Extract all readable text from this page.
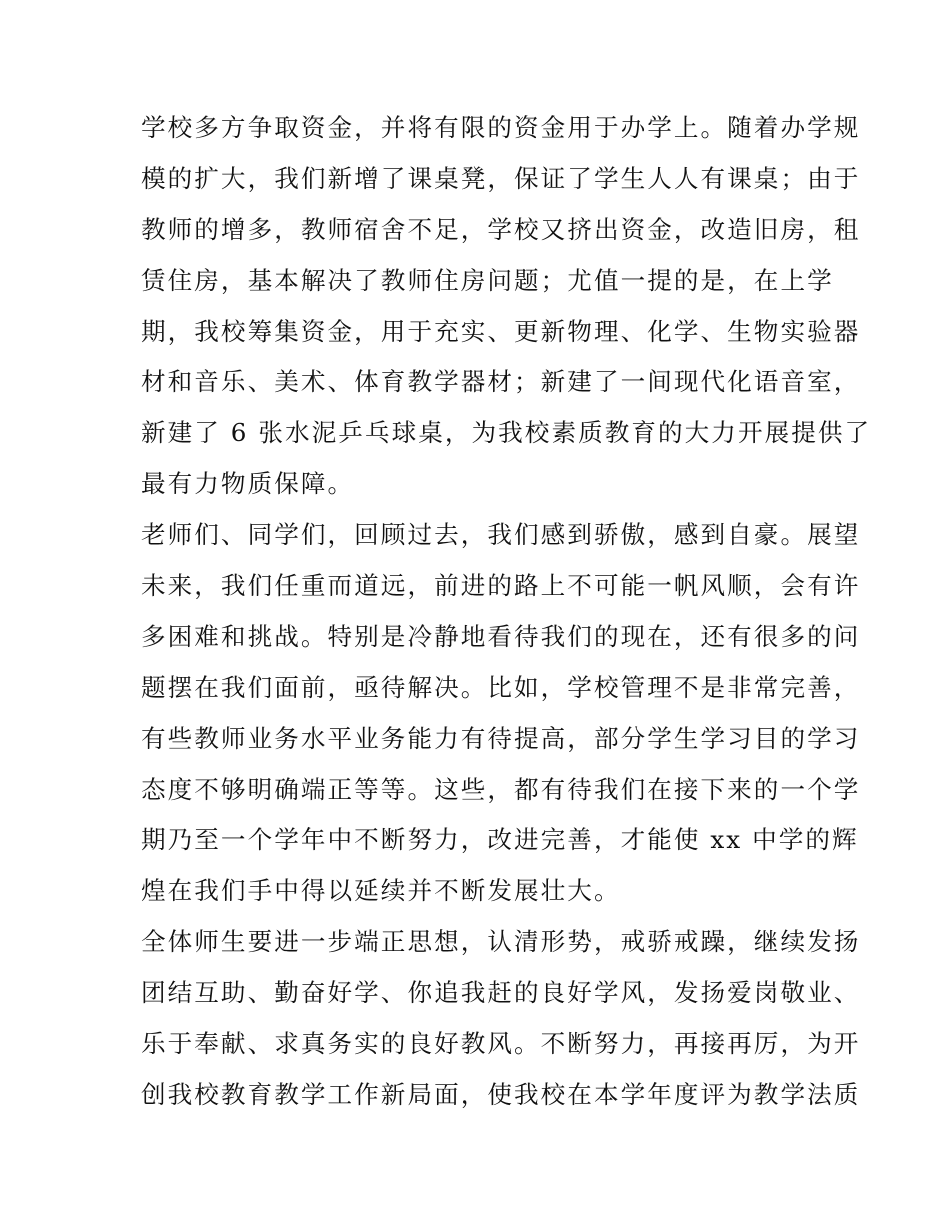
学校多方争取资金，并将有限的资金用于办学上。随着办学规
模的扩大，我们新增了课桌凳，保证了学生人人有课桌；由于
教师的增多，教师宿舍不足，学校又挤出资金，改造旧房，租
赁住房，基本解决了教师住房问题；尤值一提的是，在上学
期，我校筹集资金，用于充实、更新物理、化学、生物实验器
材和音乐、美术、体育教学器材；新建了一间现代化语音室，
新建了 6 张水泥乒乓球桌，为我校素质教育的大力开展提供了
最有力物质保障。
老师们、同学们，回顾过去，我们感到骄傲，感到自豪。展望
未来，我们任重而道远，前进的路上不可能一帆风顺，会有许
多困难和挑战。特别是冷静地看待我们的现在，还有很多的问
题摆在我们面前，亟待解决。比如，学校管理不是非常完善，
有些教师业务水平业务能力有待提高，部分学生学习目的学习
态度不够明确端正等等。这些，都有待我们在接下来的一个学
期乃至一个学年中不断努力，改进完善，才能使 xx 中学的辉
煌在我们手中得以延续并不断发展壮大。
全体师生要进一步端正思想，认清形势，戒骄戒躁，继续发扬
团结互助、勤奋好学、你追我赶的良好学风，发扬爱岗敬业、
乐于奉献、求真务实的良好教风。不断努力，再接再厉，为开
创我校教育教学工作新局面，使我校在本学年度评为教学法质
